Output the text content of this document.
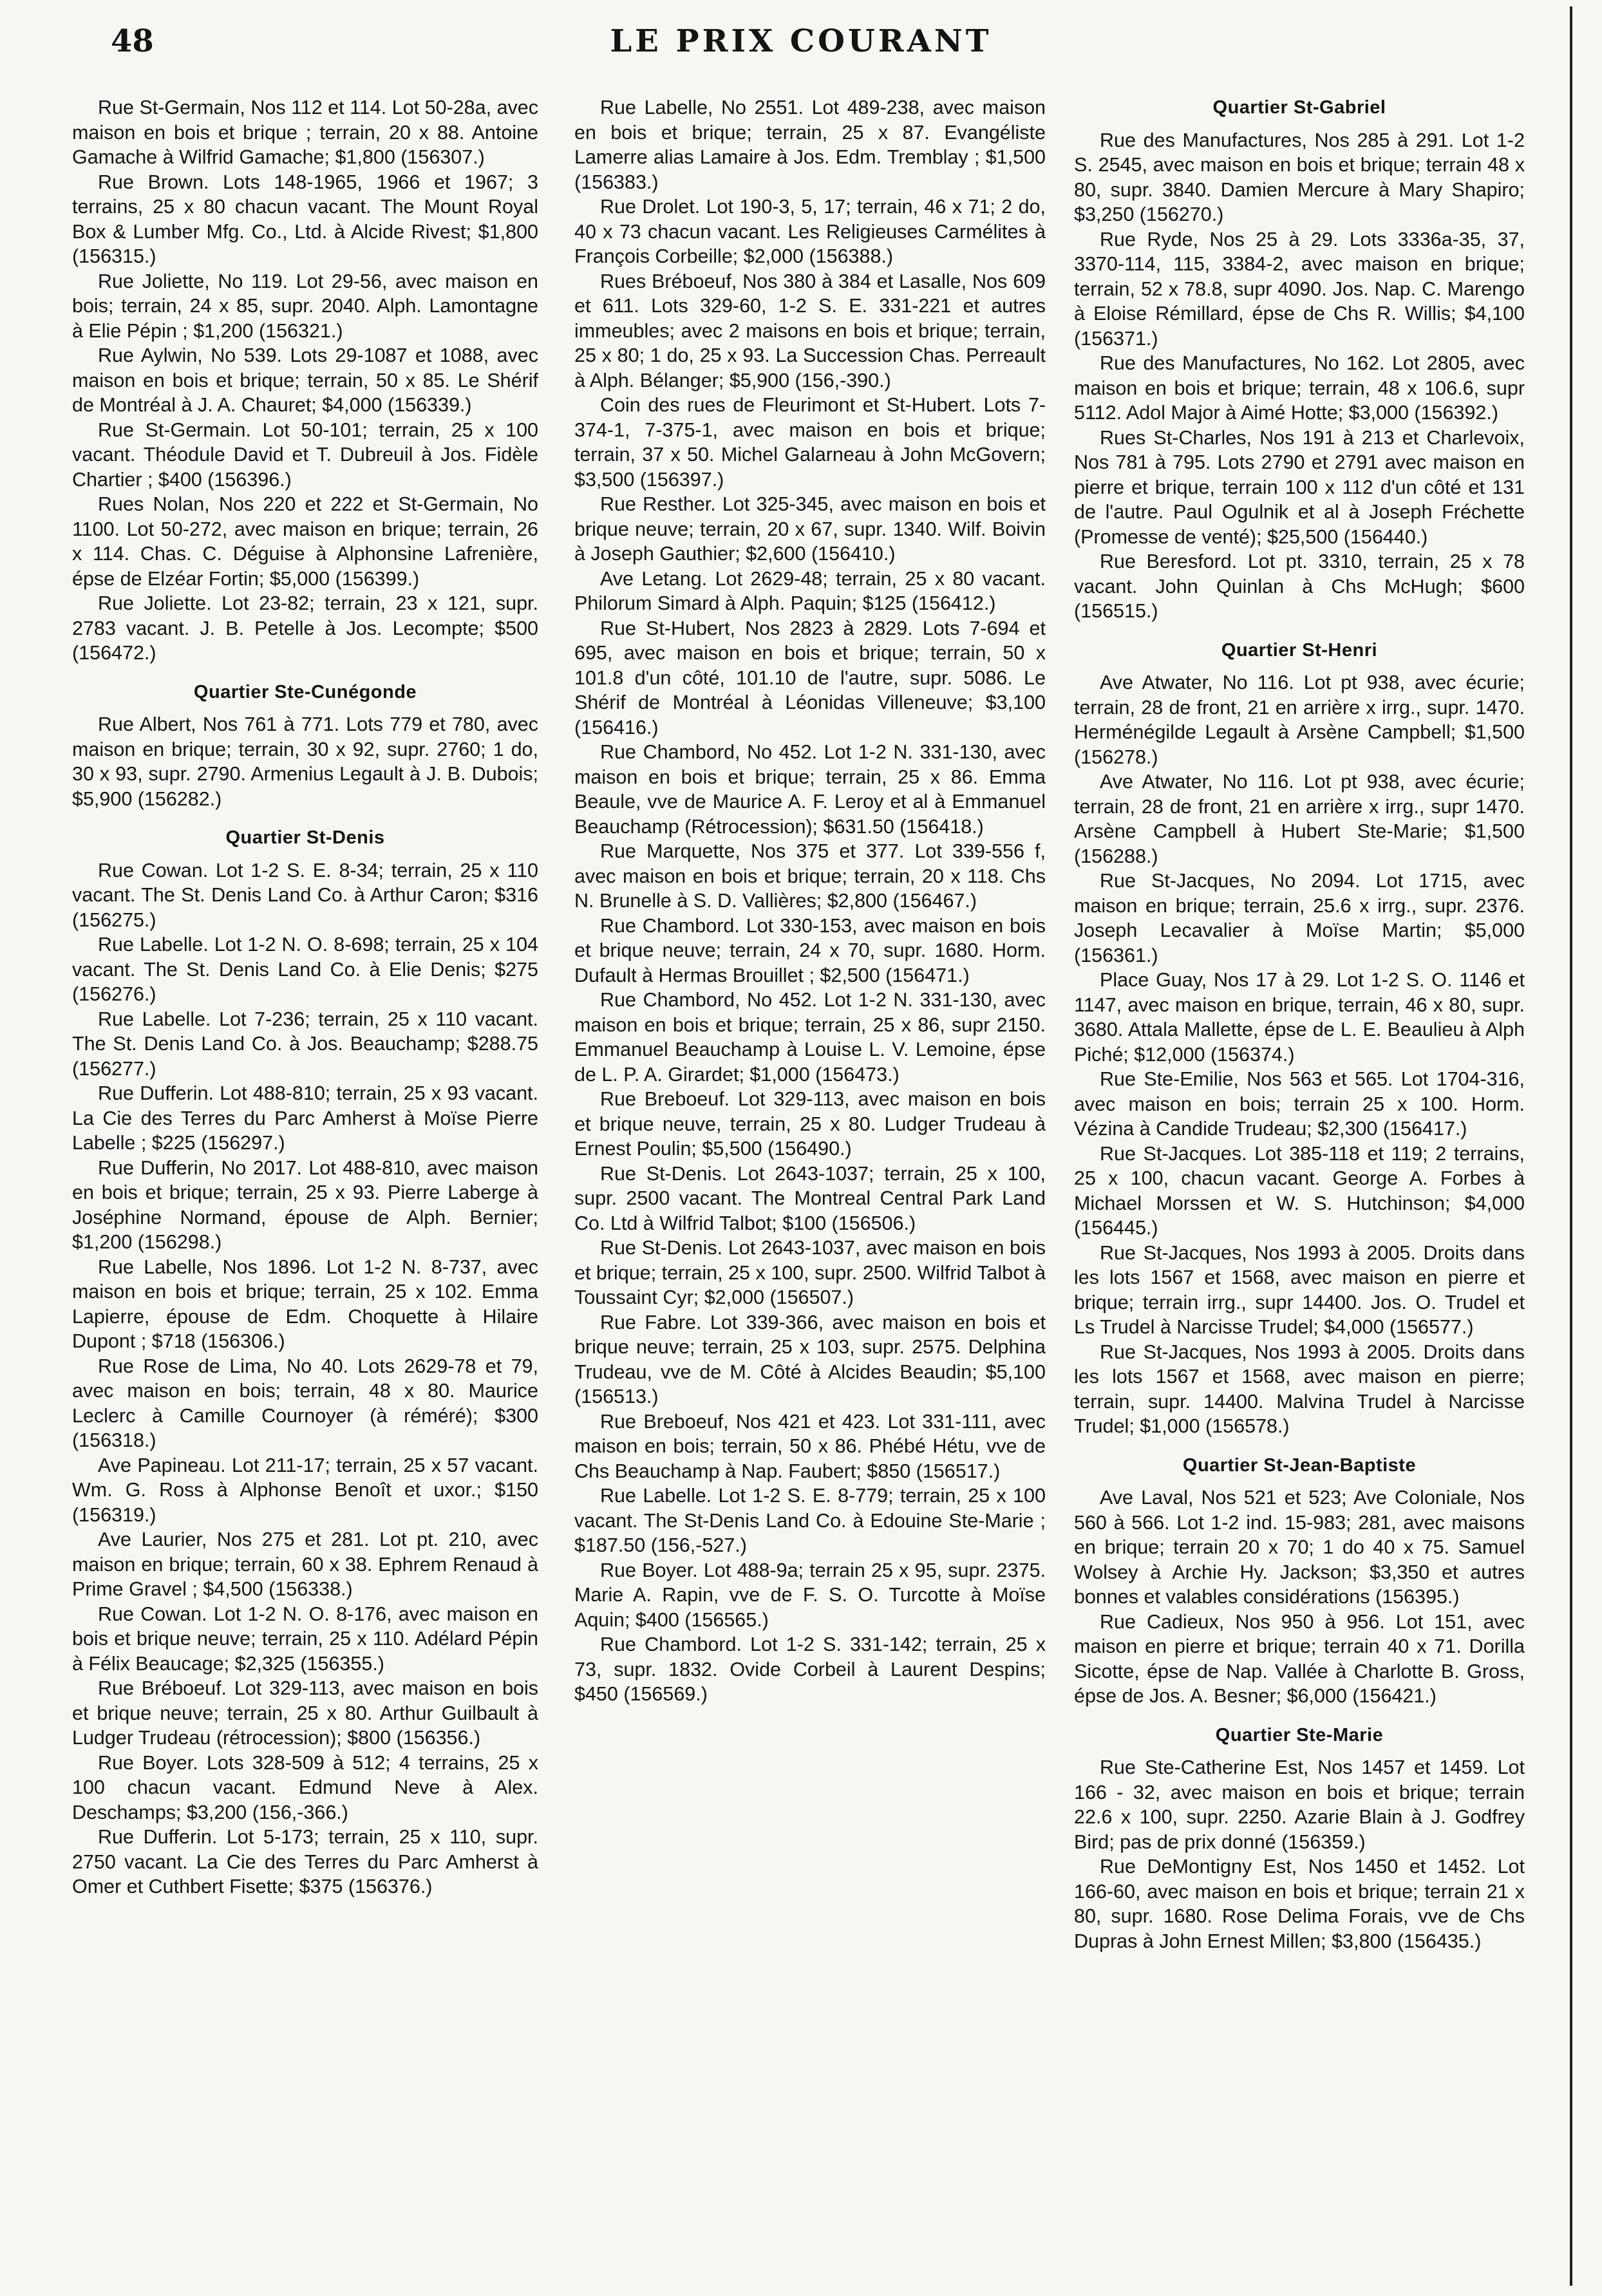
48	LE PRIX COURANT

Rue St-Germain, Nos 112 et 114. Lot 50-28a, avec maison en bois et brique ; terrain, 20 x 88. Antoine Gamache à Wilfrid Gamache; $1,800 (156307.)

Rue Brown. Lots 148-1965, 1966 et 1967; 3 terrains, 25 x 80 chacun vacant. The Mount Royal Box & Lumber Mfg. Co., Ltd. à Alcide Rivest; $1,800 (156315.)

Rue Joliette, No 119. Lot 29-56, avec maison en bois; terrain, 24 x 85, supr. 2040. Alph. Lamontagne à Elie Pépin ; $1,200 (156321.)

Rue Aylwin, No 539. Lots 29-1087 et 1088, avec maison en bois et brique; terrain, 50 x 85. Le Shérif de Montréal à J. A. Chauret; $4,000 (156339.)

Rue St-Germain. Lot 50-101; terrain, 25 x 100 vacant. Théodule David et T. Dubreuil à Jos. Fidèle Chartier ; $400 (156396.)

Rues Nolan, Nos 220 et 222 et St-Germain, No 1100. Lot 50-272, avec maison en brique; terrain, 26 x 114. Chas. C. Déguise à Alphonsine Lafrenière, épse de Elzéar Fortin; $5,000 (156399.)

Rue Joliette. Lot 23-82; terrain, 23 x 121, supr. 2783 vacant. J. B. Petelle à Jos. Lecompte; $500 (156472.)

Quartier Ste-Cunégonde

Rue Albert, Nos 761 à 771. Lots 779 et 780, avec maison en brique; terrain, 30 x 92, supr. 2760; 1 do, 30 x 93, supr. 2790. Armenius Legault à J. B. Dubois; $5,900 (156282.)

Quartier St-Denis

Rue Cowan. Lot 1-2 S. E. 8-34; terrain, 25 x 110 vacant. The St. Denis Land Co. à Arthur Caron; $316 (156275.)

Rue Labelle. Lot 1-2 N. O. 8-698; terrain, 25 x 104 vacant. The St. Denis Land Co. à Elie Denis; $275 (156276.)

Rue Labelle. Lot 7-236; terrain, 25 x 110 vacant. The St. Denis Land Co. à Jos. Beauchamp; $288.75 (156277.)

Rue Dufferin. Lot 488-810; terrain, 25 x 93 vacant. La Cie des Terres du Parc Amherst à Moïse Pierre Labelle ; $225 (156297.)

Rue Dufferin, No 2017. Lot 488-810, avec maison en bois et brique; terrain, 25 x 93. Pierre Laberge à Joséphine Normand, épouse de Alph. Bernier; $1,200 (156298.)

Rue Labelle, Nos 1896. Lot 1-2 N. 8-737, avec maison en bois et brique; terrain, 25 x 102. Emma Lapierre, épouse de Edm. Choquette à Hilaire Dupont ; $718 (156306.)

Rue Rose de Lima, No 40. Lots 2629-78 et 79, avec maison en bois; terrain, 48 x 80. Maurice Leclerc à Camille Cournoyer (à réméré); $300 (156318.)

Ave Papineau. Lot 211-17; terrain, 25 x 57 vacant. Wm. G. Ross à Alphonse Benoît et uxor.; $150 (156319.)

Ave Laurier, Nos 275 et 281. Lot pt. 210, avec maison en brique; terrain, 60 x 38. Ephrem Renaud à Prime Gravel ; $4,500 (156338.)

Rue Cowan. Lot 1-2 N. O. 8-176, avec maison en bois et brique neuve; terrain, 25 x 110. Adélard Pépin à Félix Beaucage; $2,325 (156355.)

Rue Bréboeuf. Lot 329-113, avec maison en bois et brique neuve; terrain, 25 x 80. Arthur Guilbault à Ludger Trudeau (rétrocession); $800 (156356.)

Rue Boyer. Lots 328-509 à 512; 4 terrains, 25 x 100 chacun vacant. Edmund Neve à Alex. Deschamps; $3,200 (156,-366.)

Rue Dufferin. Lot 5-173; terrain, 25 x 110, supr. 2750 vacant. La Cie des Terres du Parc Amherst à Omer et Cuthbert Fisette; $375 (156376.)

Rue Labelle, No 2551. Lot 489-238, avec maison en bois et brique; terrain, 25 x 87. Evangéliste Lamerre alias Lamaire à Jos. Edm. Tremblay ; $1,500 (156383.)

Rue Drolet. Lot 190-3, 5, 17; terrain, 46 x 71; 2 do, 40 x 73 chacun vacant. Les Religieuses Carmélites à François Corbeille; $2,000 (156388.)

Rues Bréboeuf, Nos 380 à 384 et Lasalle, Nos 609 et 611. Lots 329-60, 1-2 S. E. 331-221 et autres immeubles; avec 2 maisons en bois et brique; terrain, 25 x 80; 1 do, 25 x 93. La Succession Chas. Perreault à Alph. Bélanger; $5,900 (156,-390.)

Coin des rues de Fleurimont et St-Hubert. Lots 7-374-1, 7-375-1, avec maison en bois et brique; terrain, 37 x 50. Michel Galarneau à John McGovern; $3,500 (156397.)

Rue Resther. Lot 325-345, avec maison en bois et brique neuve; terrain, 20 x 67, supr. 1340. Wilf. Boivin à Joseph Gauthier; $2,600 (156410.)

Ave Letang. Lot 2629-48; terrain, 25 x 80 vacant. Philorum Simard à Alph. Paquin; $125 (156412.)

Rue St-Hubert, Nos 2823 à 2829. Lots 7-694 et 695, avec maison en bois et brique; terrain, 50 x 101.8 d'un côté, 101.10 de l'autre, supr. 5086. Le Shérif de Montréal à Léonidas Villeneuve; $3,100 (156416.)

Rue Chambord, No 452. Lot 1-2 N. 331-130, avec maison en bois et brique; terrain, 25 x 86. Emma Beaule, vve de Maurice A. F. Leroy et al à Emmanuel Beauchamp (Rétrocession); $631.50 (156418.)

Rue Marquette, Nos 375 et 377. Lot 339-556 f, avec maison en bois et brique; terrain, 20 x 118. Chs N. Brunelle à S. D. Vallières; $2,800 (156467.)

Rue Chambord. Lot 330-153, avec maison en bois et brique neuve; terrain, 24 x 70, supr. 1680. Horm. Dufault à Hermas Brouillet ; $2,500 (156471.)

Rue Chambord, No 452. Lot 1-2 N. 331-130, avec maison en bois et brique; terrain, 25 x 86, supr 2150. Emmanuel Beauchamp à Louise L. V. Lemoine, épse de L. P. A. Girardet; $1,000 (156473.)

Rue Breboeuf. Lot 329-113, avec maison en bois et brique neuve, terrain, 25 x 80. Ludger Trudeau à Ernest Poulin; $5,500 (156490.)

Rue St-Denis. Lot 2643-1037; terrain, 25 x 100, supr. 2500 vacant. The Montreal Central Park Land Co. Ltd à Wilfrid Talbot; $100 (156506.)

Rue St-Denis. Lot 2643-1037, avec maison en bois et brique; terrain, 25 x 100, supr. 2500. Wilfrid Talbot à Toussaint Cyr; $2,000 (156507.)

Rue Fabre. Lot 339-366, avec maison en bois et brique neuve; terrain, 25 x 103, supr. 2575. Delphina Trudeau, vve de M. Côté à Alcides Beaudin; $5,100 (156513.)

Rue Breboeuf, Nos 421 et 423. Lot 331-111, avec maison en bois; terrain, 50 x 86. Phébé Hétu, vve de Chs Beauchamp à Nap. Faubert; $850 (156517.)

Rue Labelle. Lot 1-2 S. E. 8-779; terrain, 25 x 100 vacant. The St-Denis Land Co. à Edouine Ste-Marie ; $187.50 (156,-527.)

Rue Boyer. Lot 488-9a; terrain 25 x 95, supr. 2375. Marie A. Rapin, vve de F. S. O. Turcotte à Moïse Aquin; $400 (156565.)

Rue Chambord. Lot 1-2 S. 331-142; terrain, 25 x 73, supr. 1832. Ovide Corbeil à Laurent Despins; $450 (156569.)

Quartier St-Gabriel

Rue des Manufactures, Nos 285 à 291. Lot 1-2 S. 2545, avec maison en bois et brique; terrain 48 x 80, supr. 3840. Damien Mercure à Mary Shapiro; $3,250 (156270.)

Rue Ryde, Nos 25 à 29. Lots 3336a-35, 37, 3370-114, 115, 3384-2, avec maison en brique; terrain, 52 x 78.8, supr 4090. Jos. Nap. C. Marengo à Eloise Rémillard, épse de Chs R. Willis; $4,100 (156371.)

Rue des Manufactures, No 162. Lot 2805, avec maison en bois et brique; terrain, 48 x 106.6, supr 5112. Adol Major à Aimé Hotte; $3,000 (156392.)

Rues St-Charles, Nos 191 à 213 et Charlevoix, Nos 781 à 795. Lots 2790 et 2791 avec maison en pierre et brique, terrain 100 x 112 d'un côté et 131 de l'autre. Paul Ogulnik et al à Joseph Fréchette (Promesse de venté); $25,500 (156440.)

Rue Beresford. Lot pt. 3310, terrain, 25 x 78 vacant. John Quinlan à Chs McHugh; $600 (156515.)

Quartier St-Henri

Ave Atwater, No 116. Lot pt 938, avec écurie; terrain, 28 de front, 21 en arrière x irrg., supr. 1470. Herménégilde Legault à Arsène Campbell; $1,500 (156278.)

Ave Atwater, No 116. Lot pt 938, avec écurie; terrain, 28 de front, 21 en arrière x irrg., supr 1470. Arsène Campbell à Hubert Ste-Marie; $1,500 (156288.)

Rue St-Jacques, No 2094. Lot 1715, avec maison en brique; terrain, 25.6 x irrg., supr. 2376. Joseph Lecavalier à Moïse Martin; $5,000 (156361.)

Place Guay, Nos 17 à 29. Lot 1-2 S. O. 1146 et 1147, avec maison en brique, terrain, 46 x 80, supr. 3680. Attala Mallette, épse de L. E. Beaulieu à Alph Piché; $12,000 (156374.)

Rue Ste-Emilie, Nos 563 et 565. Lot 1704-316, avec maison en bois; terrain 25 x 100. Horm. Vézina à Candide Trudeau; $2,300 (156417.)

Rue St-Jacques. Lot 385-118 et 119; 2 terrains, 25 x 100, chacun vacant. George A. Forbes à Michael Morssen et W. S. Hutchinson; $4,000 (156445.)

Rue St-Jacques, Nos 1993 à 2005. Droits dans les lots 1567 et 1568, avec maison en pierre et brique; terrain irrg., supr 14400. Jos. O. Trudel et Ls Trudel à Narcisse Trudel; $4,000 (156577.)

Rue St-Jacques, Nos 1993 à 2005. Droits dans les lots 1567 et 1568, avec maison en pierre; terrain, supr. 14400. Malvina Trudel à Narcisse Trudel; $1,000 (156578.)

Quartier St-Jean-Baptiste

Ave Laval, Nos 521 et 523; Ave Coloniale, Nos 560 à 566. Lot 1-2 ind. 15-983; 281, avec maisons en brique; terrain 20 x 70; 1 do 40 x 75. Samuel Wolsey à Archie Hy. Jackson; $3,350 et autres bonnes et valables considérations (156395.)

Rue Cadieux, Nos 950 à 956. Lot 151, avec maison en pierre et brique; terrain 40 x 71. Dorilla Sicotte, épse de Nap. Vallée à Charlotte B. Gross, épse de Jos. A. Besner; $6,000 (156421.)

Quartier Ste-Marie

Rue Ste-Catherine Est, Nos 1457 et 1459. Lot 166 - 32, avec maison en bois et brique; terrain 22.6 x 100, supr. 2250. Azarie Blain à J. Godfrey Bird; pas de prix donné (156359.)

Rue DeMontigny Est, Nos 1450 et 1452. Lot 166-60, avec maison en bois et brique; terrain 21 x 80, supr. 1680. Rose Delima Forais, vve de Chs Dupras à John Ernest Millen; $3,800 (156435.)
